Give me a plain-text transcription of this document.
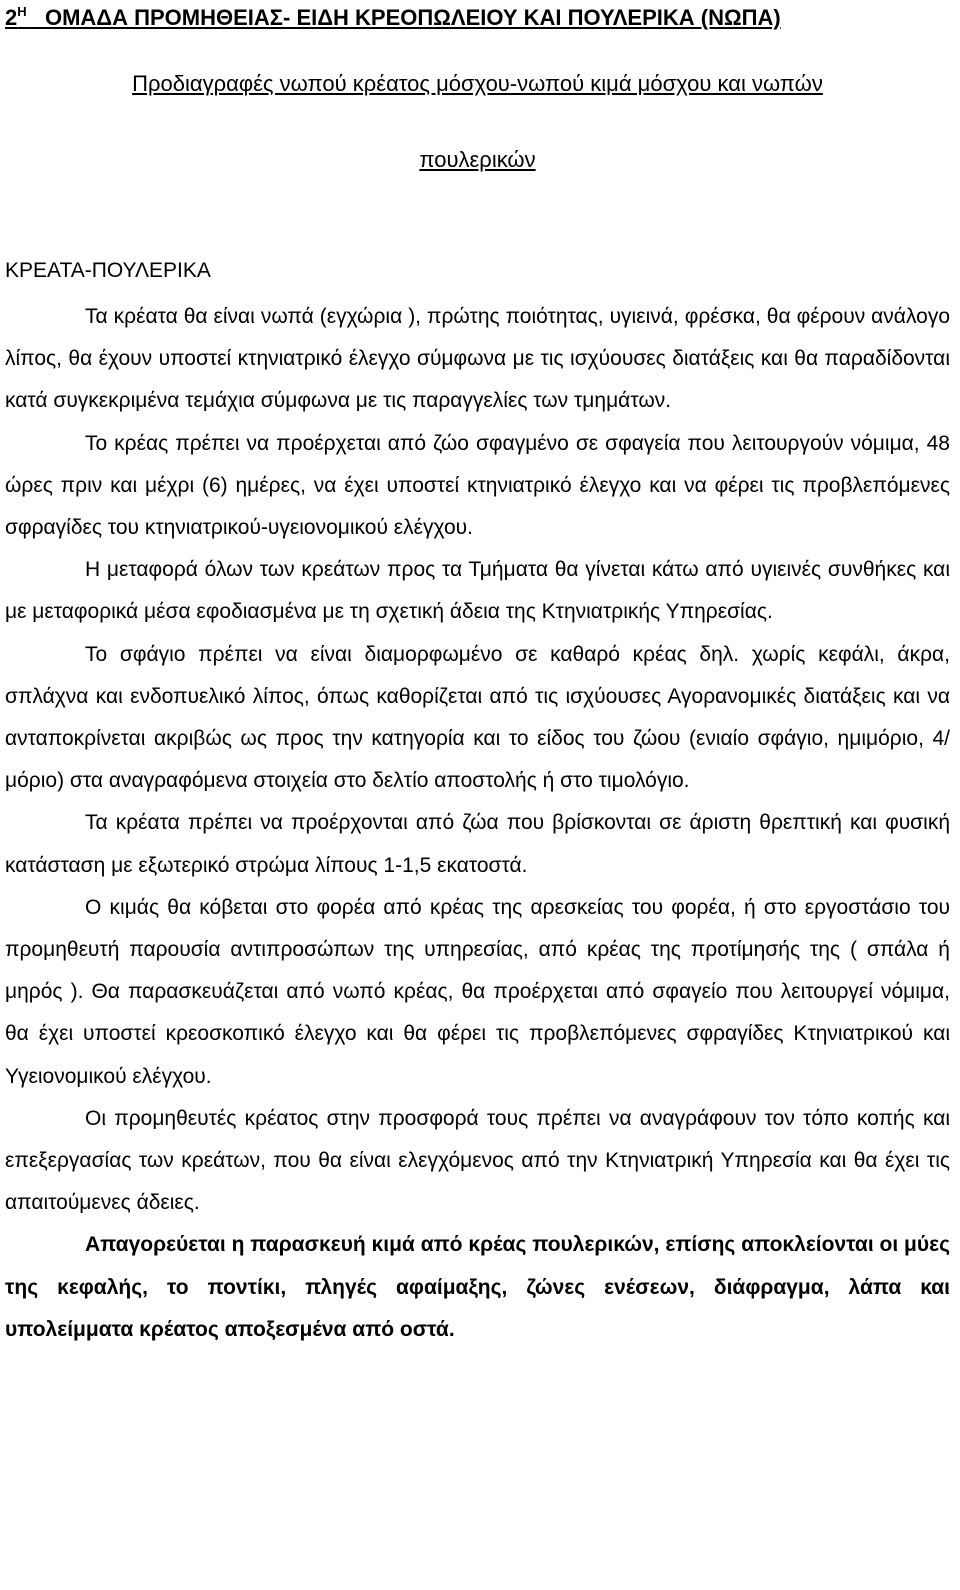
$2^H$ ΟΜΑΔΑ ΠΡΟΜΗΘΕΙΑΣ- ΕΙΔΗ ΚΡΕΟΠΩΛΕΙΟΥ ΚΑΙ ΠΟΥΛΕΡΙΚΑ (ΝΩΠΑ)
Προδιαγραφές νωπού κρέατος μόσχου-νωπού κιμά μόσχου και νωπών
πουλερικών
ΚΡΕΑΤΑ-ΠΟΥΛΕΡΙΚΑ

Τα κρέατα θα είναι νωπά (εγχώρια ), πρώτης ποιότητας, υγιεινά, φρέσκα, θα φέρουν ανάλογο λίπος, θα έχουν υποστεί κτηνιατρικό έλεγχο σύμφωνα με τις ισχύουσες διατάξεις και θα παραδίδονται κατά συγκεκριμένα τεμάχια σύμφωνα με τις παραγγελίες των τμημάτων.

Το κρέας πρέπει να προέρχεται από ζώο σφαγμένο σε σφαγεία που λειτουργούν νόμιμα, 48 ώρες πριν και μέχρι (6) ημέρες, να έχει υποστεί κτηνιατρικό έλεγχο και να φέρει τις προβλεπόμενες σφραγίδες του κτηνιατρικού-υγειονομικού ελέγχου.

Η μεταφορά όλων των κρεάτων προς τα Τμήματα θα γίνεται κάτω από υγιεινές συνθήκες και με μεταφορικά μέσα εφοδιασμένα με τη σχετική άδεια της Κτηνιατρικής Υπηρεσίας.

Το σφάγιο πρέπει να είναι διαμορφωμένο σε καθαρό κρέας δηλ. χωρίς κεφάλι, άκρα, σπλάχνα και ενδοπυελικό λίπος, όπως καθορίζεται από τις ισχύουσες Αγορανομικές διατάξεις και να ανταποκρίνεται ακριβώς ως προς την κατηγορία και το είδος του ζώου (ενιαίο σφάγιο, ημιμόριο, 4/μόριο) στα αναγραφόμενα στοιχεία στο δελτίο αποστολής ή στο τιμολόγιο.

Τα κρέατα πρέπει να προέρχονται από ζώα που βρίσκονται σε άριστη θρεπτική και φυσική κατάσταση με εξωτερικό στρώμα λίπους 1-1,5 εκατοστά.

Ο κιμάς θα κόβεται στο φορέα από κρέας της αρεσκείας του φορέα, ή στο εργοστάσιο του προμηθευτή παρουσία αντιπροσώπων της υπηρεσίας, από κρέας της προτίμησής της ( σπάλα ή μηρός ). Θα παρασκευάζεται από νωπό κρέας, θα προέρχεται από σφαγείο που λειτουργεί νόμιμα, θα έχει υποστεί κρεοσκοπικό έλεγχο και θα φέρει τις προβλεπόμενες σφραγίδες Κτηνιατρικού και Υγειονομικού ελέγχου.

Οι προμηθευτές κρέατος στην προσφορά τους πρέπει να αναγράφουν τον τόπο κοπής και επεξεργασίας των κρεάτων, που θα είναι ελεγχόμενος από την Κτηνιατρική Υπηρεσία και θα έχει τις απαιτούμενες άδειες.

Απαγορεύεται η παρασκευή κιμά από κρέας πουλερικών, επίσης αποκλείονται οι μύες της κεφαλής, το ποντίκι, πληγές αφαίμαξης, ζώνες ενέσεων, διάφραγμα, λάπα και υπολείμματα κρέατος αποξεσμένα από οστά.
